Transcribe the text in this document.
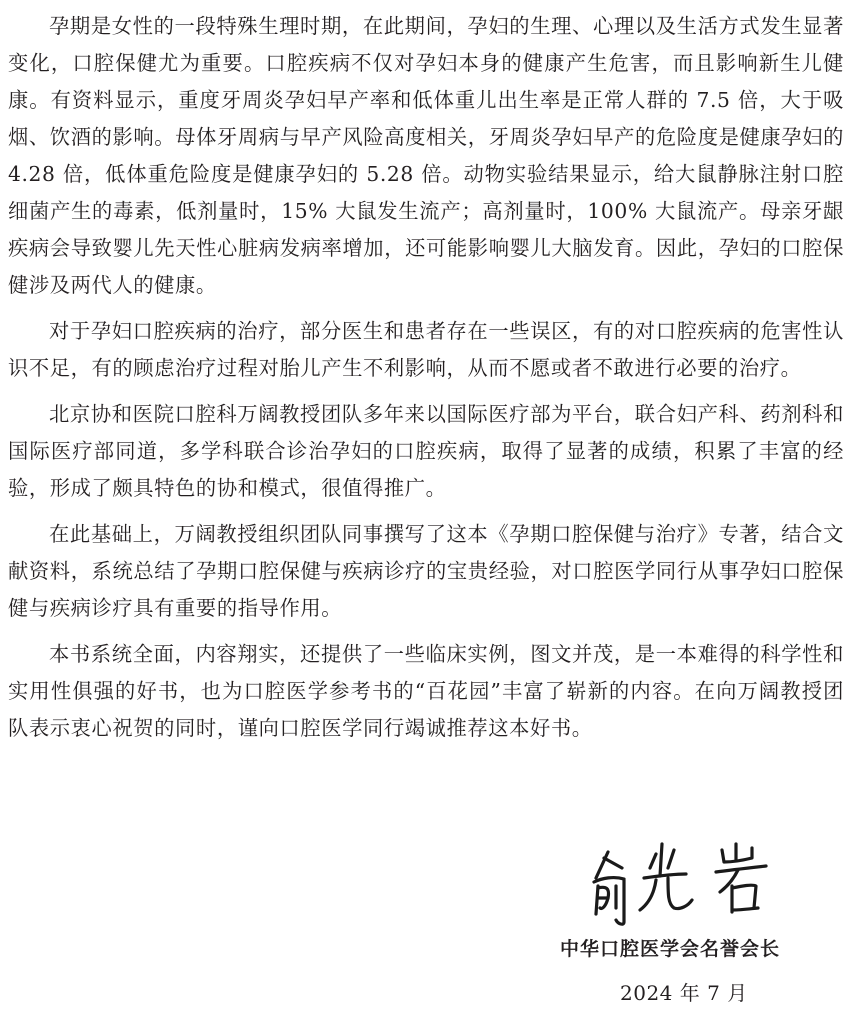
孕期是女性的一段特殊生理时期，在此期间，孕妇的生理、心理以及生活方式发生显著变化，口腔保健尤为重要。口腔疾病不仅对孕妇本身的健康产生危害，而且影响新生儿健康。有资料显示，重度牙周炎孕妇早产率和低体重儿出生率是正常人群的 7.5 倍，大于吸烟、饮酒的影响。母体牙周病与早产风险高度相关，牙周炎孕妇早产的危险度是健康孕妇的 4.28 倍，低体重危险度是健康孕妇的 5.28 倍。动物实验结果显示，给大鼠静脉注射口腔细菌产生的毒素，低剂量时，15% 大鼠发生流产；高剂量时，100% 大鼠流产。母亲牙龈疾病会导致婴儿先天性心脏病发病率增加，还可能影响婴儿大脑发育。因此，孕妇的口腔保健涉及两代人的健康。

对于孕妇口腔疾病的治疗，部分医生和患者存在一些误区，有的对口腔疾病的危害性认识不足，有的顾虑治疗过程对胎儿产生不利影响，从而不愿或者不敢进行必要的治疗。

北京协和医院口腔科万阔教授团队多年来以国际医疗部为平台，联合妇产科、药剂科和国际医疗部同道，多学科联合诊治孕妇的口腔疾病，取得了显著的成绩，积累了丰富的经验，形成了颇具特色的协和模式，很值得推广。

在此基础上，万阔教授组织团队同事撰写了这本《孕期口腔保健与治疗》专著，结合文献资料，系统总结了孕期口腔保健与疾病诊疗的宝贵经验，对口腔医学同行从事孕妇口腔保健与疾病诊疗具有重要的指导作用。

本书系统全面，内容翔实，还提供了一些临床实例，图文并茂，是一本难得的科学性和实用性俱强的好书，也为口腔医学参考书的“百花园”丰富了崭新的内容。在向万阔教授团队表示衷心祝贺的同时，谨向口腔医学同行竭诚推荐这本好书。

中华口腔医学会名誉会长
2024 年 7 月
